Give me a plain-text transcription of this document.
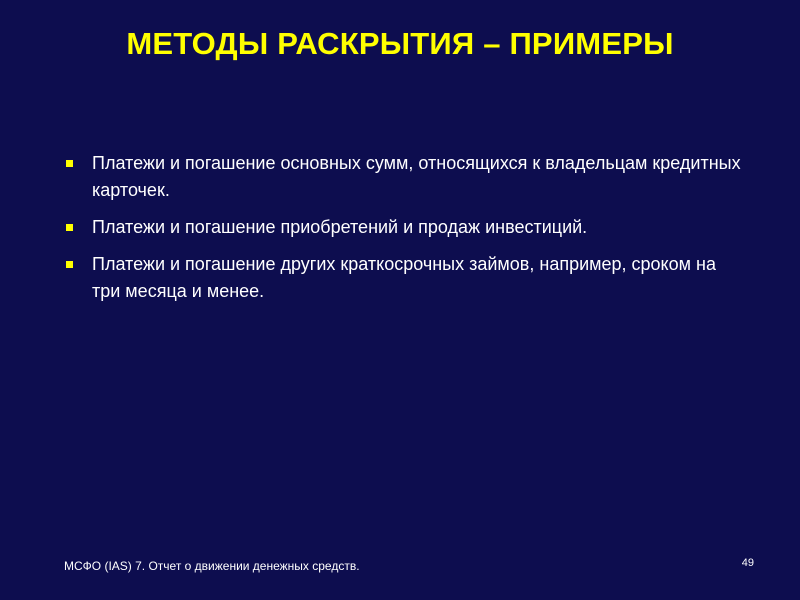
МЕТОДЫ РАСКРЫТИЯ – ПРИМЕРЫ
Платежи и погашение основных сумм, относящихся к владельцам кредитных карточек.
Платежи и погашение приобретений и продаж инвестиций.
Платежи и погашение других краткосрочных займов, например, сроком на три месяца и менее.
МСФО (IAS) 7. Отчет о движении денежных средств.	49
